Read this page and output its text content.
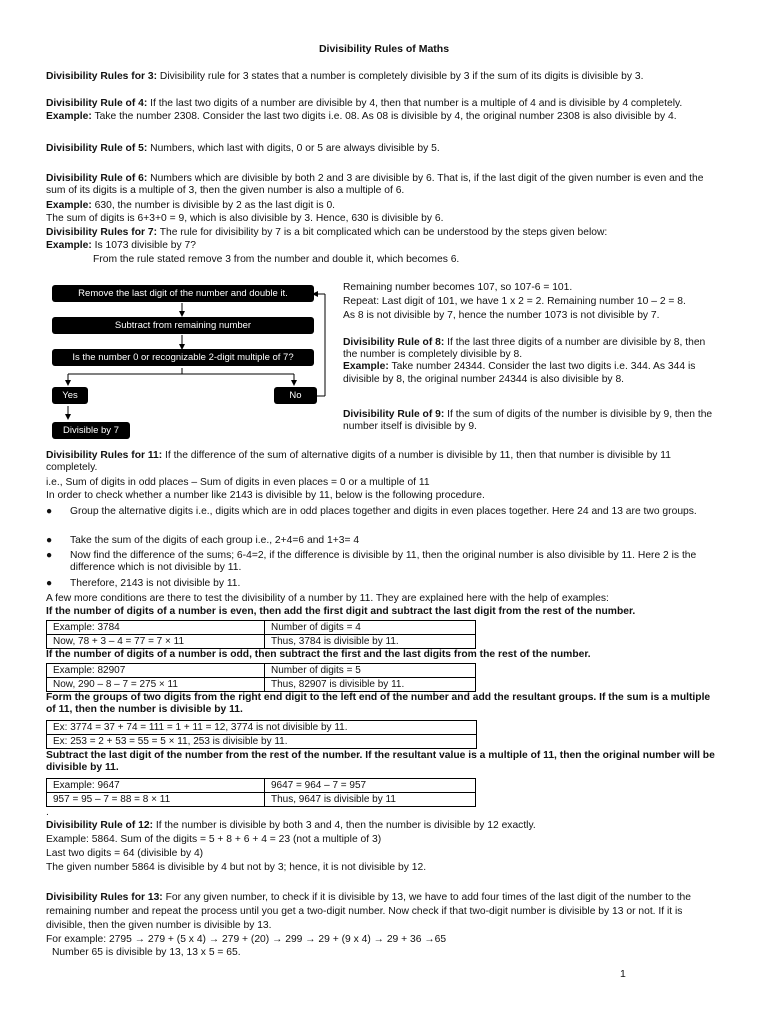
Divisibility Rules of Maths
Divisibility Rules for 3: Divisibility rule for 3 states that a number is completely divisible by 3 if the sum of its digits is divisible by 3.
Divisibility Rule of 4: If the last two digits of a number are divisible by 4, then that number is a multiple of 4 and is divisible by 4 completely.
Example: Take the number 2308. Consider the last two digits i.e. 08. As 08 is divisible by 4, the original number 2308 is also divisible by 4.
Divisibility Rule of 5: Numbers, which last with digits, 0 or 5 are always divisible by 5.
Divisibility Rule of 6: Numbers which are divisible by both 2 and 3 are divisible by 6. That is, if the last digit of the given number is even and the sum of its digits is a multiple of 3, then the given number is also a multiple of 6.
Example: 630, the number is divisible by 2 as the last digit is 0.
The sum of digits is 6+3+0 = 9, which is also divisible by 3. Hence, 630 is divisible by 6.
Divisibility Rules for 7: The rule for divisibility by 7 is a bit complicated which can be understood by the steps given below:
Example: Is 1073 divisible by 7?
From the rule stated remove 3 from the number and double it, which becomes 6.
Remove the last digit of the number and double it.
Subtract from remaining number
Is the number 0 or recognizable 2-digit multiple of 7?
Yes	No
Divisible by 7
Remaining number becomes 107, so 107-6 = 101.
Repeat: Last digit of 101, we have 1 x 2 = 2. Remaining number 10 – 2 = 8.
As 8 is not divisible by 7, hence the number 1073 is not divisible by 7.
Divisibility Rule of 8: If the last three digits of a number are divisible by 8, then the number is completely divisible by 8.
Example: Take number 24344. Consider the last two digits i.e. 344. As 344 is divisible by 8, the original number 24344 is also divisible by 8.
Divisibility Rule of 9: If the sum of digits of the number is divisible by 9, then the number itself is divisible by 9.
Divisibility Rules for 11: If the difference of the sum of alternative digits of a number is divisible by 11, then that number is divisible by 11 completely.
i.e., Sum of digits in odd places – Sum of digits in even places = 0 or a multiple of 11
In order to check whether a number like 2143 is divisible by 11, below is the following procedure.
● Group the alternative digits i.e., digits which are in odd places together and digits in even places together. Here 24 and 13 are two groups.
● Take the sum of the digits of each group i.e., 2+4=6 and 1+3= 4
● Now find the difference of the sums; 6-4=2, if the difference is divisible by 11, then the original number is also divisible by 11. Here 2 is the difference which is not divisible by 11.
● Therefore, 2143 is not divisible by 11.
A few more conditions are there to test the divisibility of a number by 11. They are explained here with the help of examples:
If the number of digits of a number is even, then add the first digit and subtract the last digit from the rest of the number.
Example: 3784	Number of digits = 4
Now, 78 + 3 – 4 = 77 = 7 × 11	Thus, 3784 is divisible by 11.
If the number of digits of a number is odd, then subtract the first and the last digits from the rest of the number.
Example: 82907	Number of digits = 5
Now, 290 – 8 – 7 = 275 × 11	Thus, 82907 is divisible by 11.
Form the groups of two digits from the right end digit to the left end of the number and add the resultant groups. If the sum is a multiple of 11, then the number is divisible by 11.
Ex: 3774 = 37 + 74 = 111 = 1 + 11 = 12, 3774 is not divisible by 11.
Ex: 253 = 2 + 53 = 55 = 5 × 11, 253 is divisible by 11.
Subtract the last digit of the number from the rest of the number. If the resultant value is a multiple of 11, then the original number will be divisible by 11.
Example: 9647	9647 = 964 – 7 = 957
957 = 95 – 7 = 88 = 8 × 11	Thus, 9647 is divisible by 11
.
Divisibility Rule of 12: If the number is divisible by both 3 and 4, then the number is divisible by 12 exactly.
Example: 5864. Sum of the digits = 5 + 8 + 6 + 4 = 23 (not a multiple of 3)
Last two digits = 64 (divisible by 4)
The given number 5864 is divisible by 4 but not by 3; hence, it is not divisible by 12.
Divisibility Rules for 13: For any given number, to check if it is divisible by 13, we have to add four times of the last digit of the number to the remaining number and repeat the process until you get a two-digit number. Now check if that two-digit number is divisible by 13 or not. If it is divisible, then the given number is divisible by 13.
For example: 2795 → 279 + (5 x 4) → 279 + (20) → 299 → 29 + (9 x 4) → 29 + 36 →65
Number 65 is divisible by 13, 13 x 5 = 65.
1
